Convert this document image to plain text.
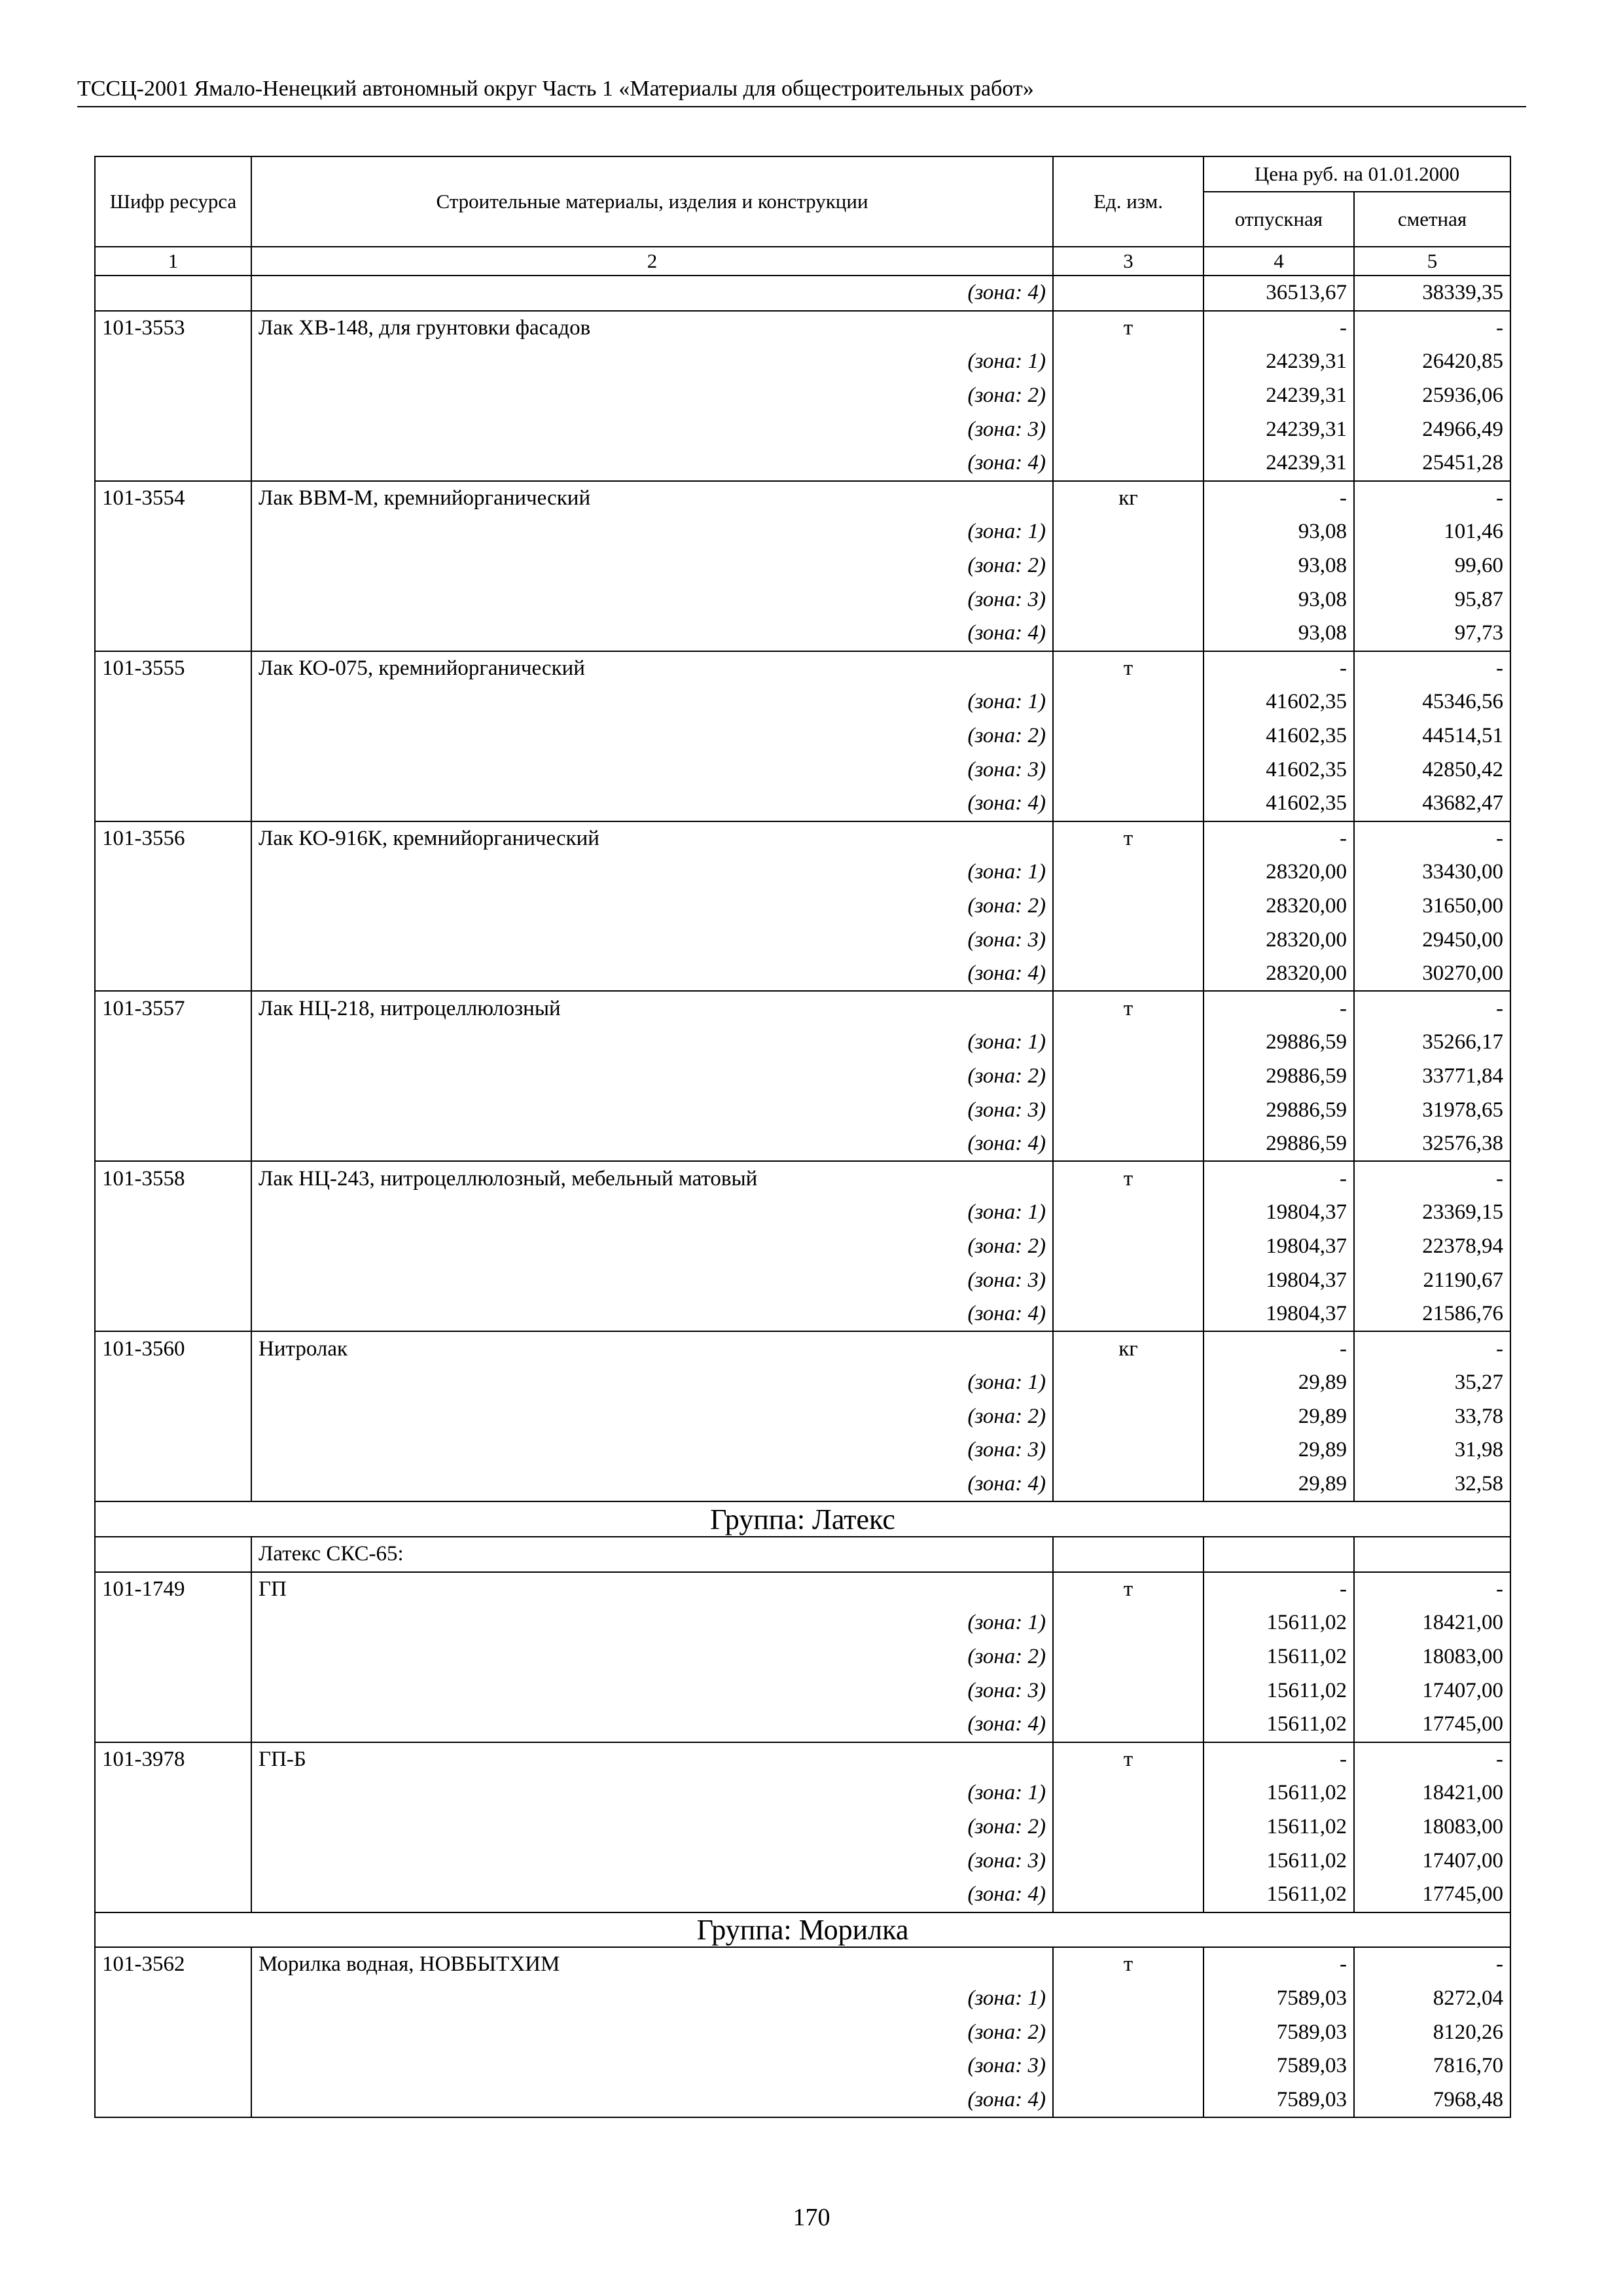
ТССЦ-2001 Ямало-Ненецкий автономный округ Часть 1 «Материалы для общестроительных работ»
Шифр ресурса	Строительные материалы, изделия и конструкции	Ед. изм.	Цена руб. на 01.01.2000	
			отпускная	сметная
1	2	3	4	5
	(зона: 4)		36513,67	38339,35
101-3553	Лак ХВ-148, для грунтовки фасадов	т	-	-
	(зона: 1)		24239,31	26420,85
	(зона: 2)		24239,31	25936,06
	(зона: 3)		24239,31	24966,49
	(зона: 4)		24239,31	25451,28
101-3554	Лак ВВМ-М, кремнийорганический	кг	-	-
	(зона: 1)		93,08	101,46
	(зона: 2)		93,08	99,60
	(зона: 3)		93,08	95,87
	(зона: 4)		93,08	97,73
101-3555	Лак КО-075, кремнийорганический	т	-	-
	(зона: 1)		41602,35	45346,56
	(зона: 2)		41602,35	44514,51
	(зона: 3)		41602,35	42850,42
	(зона: 4)		41602,35	43682,47
101-3556	Лак КО-916К, кремнийорганический	т	-	-
	(зона: 1)		28320,00	33430,00
	(зона: 2)		28320,00	31650,00
	(зона: 3)		28320,00	29450,00
	(зона: 4)		28320,00	30270,00
101-3557	Лак НЦ-218, нитроцеллюлозный	т	-	-
	(зона: 1)		29886,59	35266,17
	(зона: 2)		29886,59	33771,84
	(зона: 3)		29886,59	31978,65
	(зона: 4)		29886,59	32576,38
101-3558	Лак НЦ-243, нитроцеллюлозный, мебельный матовый	т	-	-
	(зона: 1)		19804,37	23369,15
	(зона: 2)		19804,37	22378,94
	(зона: 3)		19804,37	21190,67
	(зона: 4)		19804,37	21586,76
101-3560	Нитролак	кг	-	-
	(зона: 1)		29,89	35,27
	(зона: 2)		29,89	33,78
	(зона: 3)		29,89	31,98
	(зона: 4)		29,89	32,58
Группа: Латекс				
	Латекс СКС-65:			
101-1749	ГП	т	-	-
	(зона: 1)		15611,02	18421,00
	(зона: 2)		15611,02	18083,00
	(зона: 3)		15611,02	17407,00
	(зона: 4)		15611,02	17745,00
101-3978	ГП-Б	т	-	-
	(зона: 1)		15611,02	18421,00
	(зона: 2)		15611,02	18083,00
	(зона: 3)		15611,02	17407,00
	(зона: 4)		15611,02	17745,00
Группа: Морилка				
101-3562	Морилка водная, НОВБЫТХИМ	т	-	-
	(зона: 1)		7589,03	8272,04
	(зона: 2)		7589,03	8120,26
	(зона: 3)		7589,03	7816,70
	(зона: 4)		7589,03	7968,48
170
